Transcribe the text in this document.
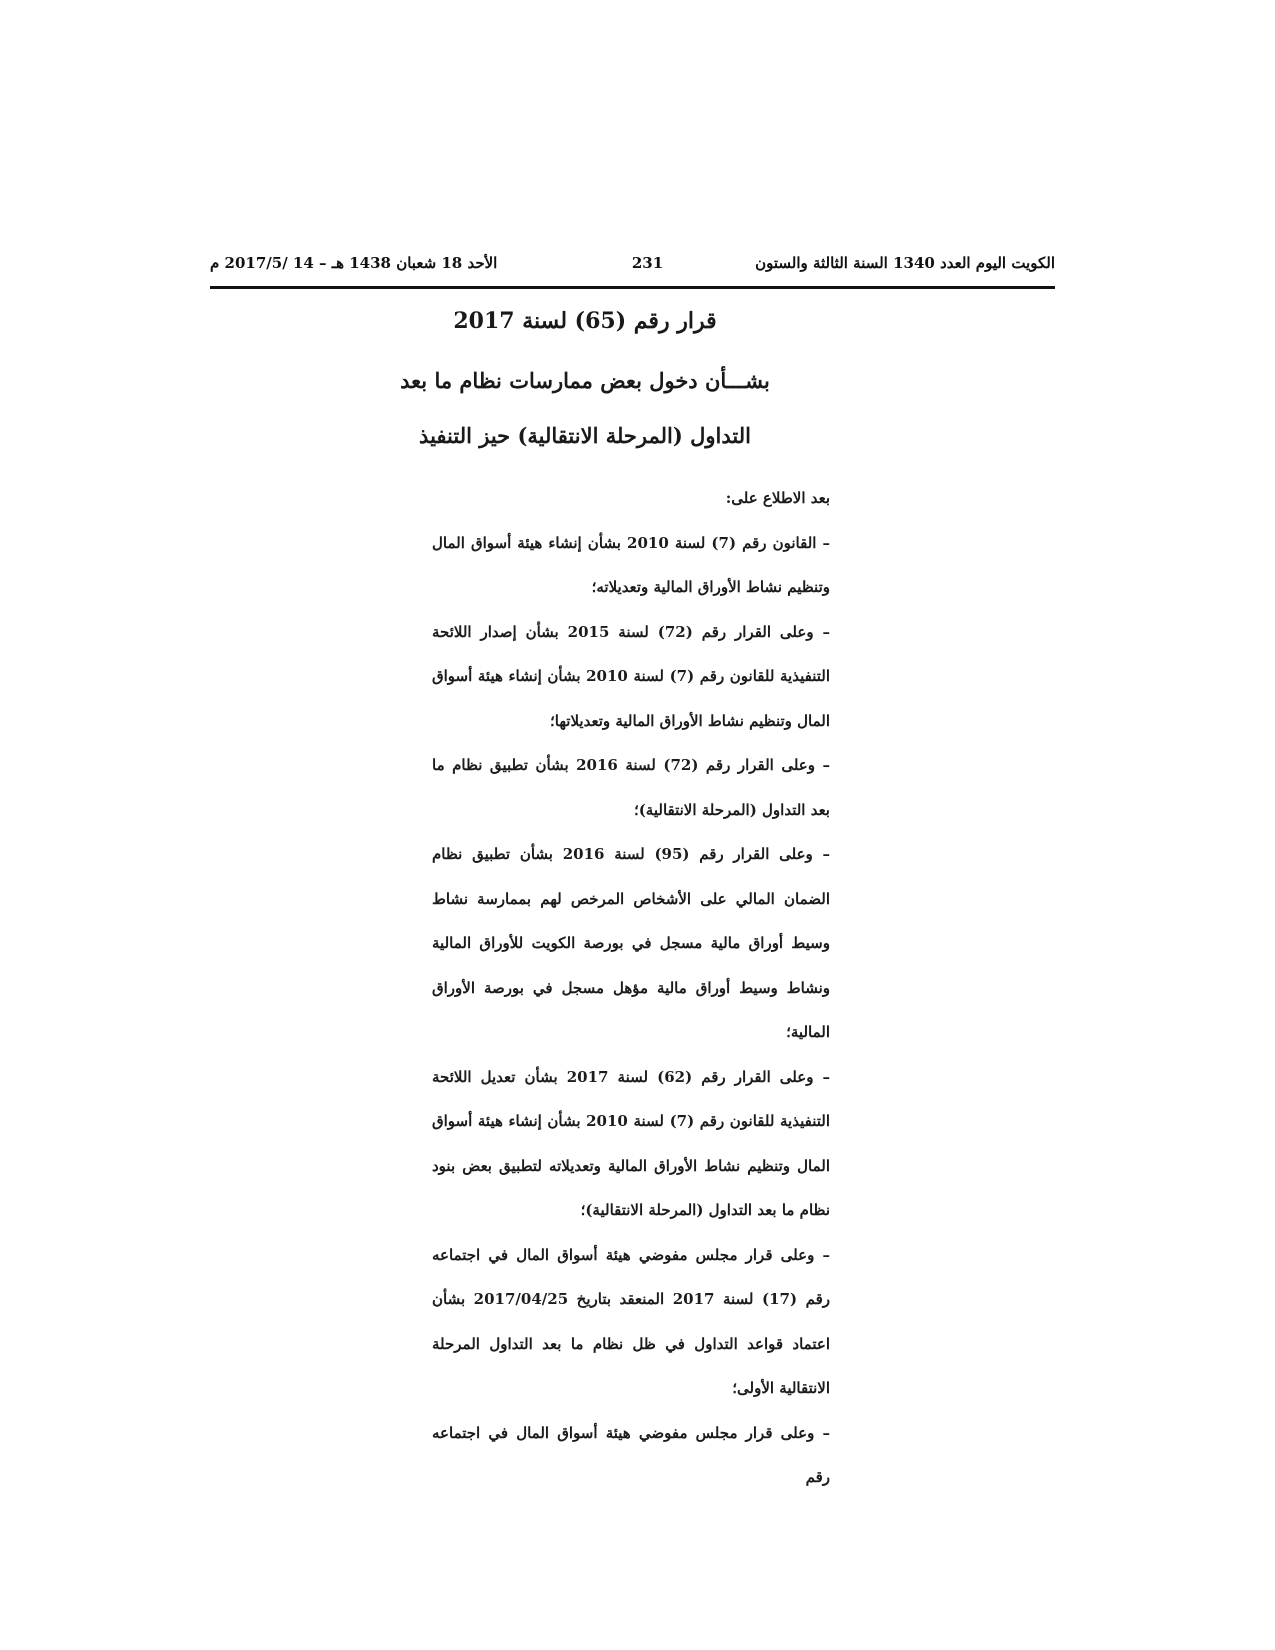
الكويت اليوم العدد 1340 السنة الثالثة والستون
231
الأحد 18 شعبان 1438 هـ – 14 /2017/5 م
قرار رقم (65) لسنة 2017
بشـــأن دخول بعض ممارسات نظام ما بعد
التداول (المرحلة الانتقالية) حيز التنفيذ

بعد الاطلاع على:

– القانون رقم (7) لسنة 2010 بشأن إنشاء هيئة أسواق المال وتنظيم نشاط الأوراق المالية وتعديلاته؛

– وعلى القرار رقم (72) لسنة 2015 بشأن إصدار اللائحة التنفيذية للقانون رقم (7) لسنة 2010 بشأن إنشاء هيئة أسواق المال وتنظيم نشاط الأوراق المالية وتعديلاتها؛

– وعلى القرار رقم (72) لسنة 2016 بشأن تطبيق نظام ما بعد التداول (المرحلة الانتقالية)؛

– وعلى القرار رقم (95) لسنة 2016 بشأن تطبيق نظام الضمان المالي على الأشخاص المرخص لهم بممارسة نشاط وسيط أوراق مالية مسجل في بورصة الكويت للأوراق المالية ونشاط وسيط أوراق مالية مؤهل مسجل في بورصة الأوراق المالية؛

– وعلى القرار رقم (62) لسنة 2017 بشأن تعديل اللائحة التنفيذية للقانون رقم (7) لسنة 2010 بشأن إنشاء هيئة أسواق المال وتنظيم نشاط الأوراق المالية وتعديلاته لتطبيق بعض بنود نظام ما بعد التداول (المرحلة الانتقالية)؛

– وعلى قرار مجلس مفوضي هيئة أسواق المال في اجتماعه رقم (17) لسنة 2017 المنعقد بتاريخ 2017/04/25 بشأن اعتماد قواعد التداول في ظل نظام ما بعد التداول المرحلة الانتقالية الأولى؛

– وعلى قرار مجلس مفوضي هيئة أسواق المال في اجتماعه رقم
